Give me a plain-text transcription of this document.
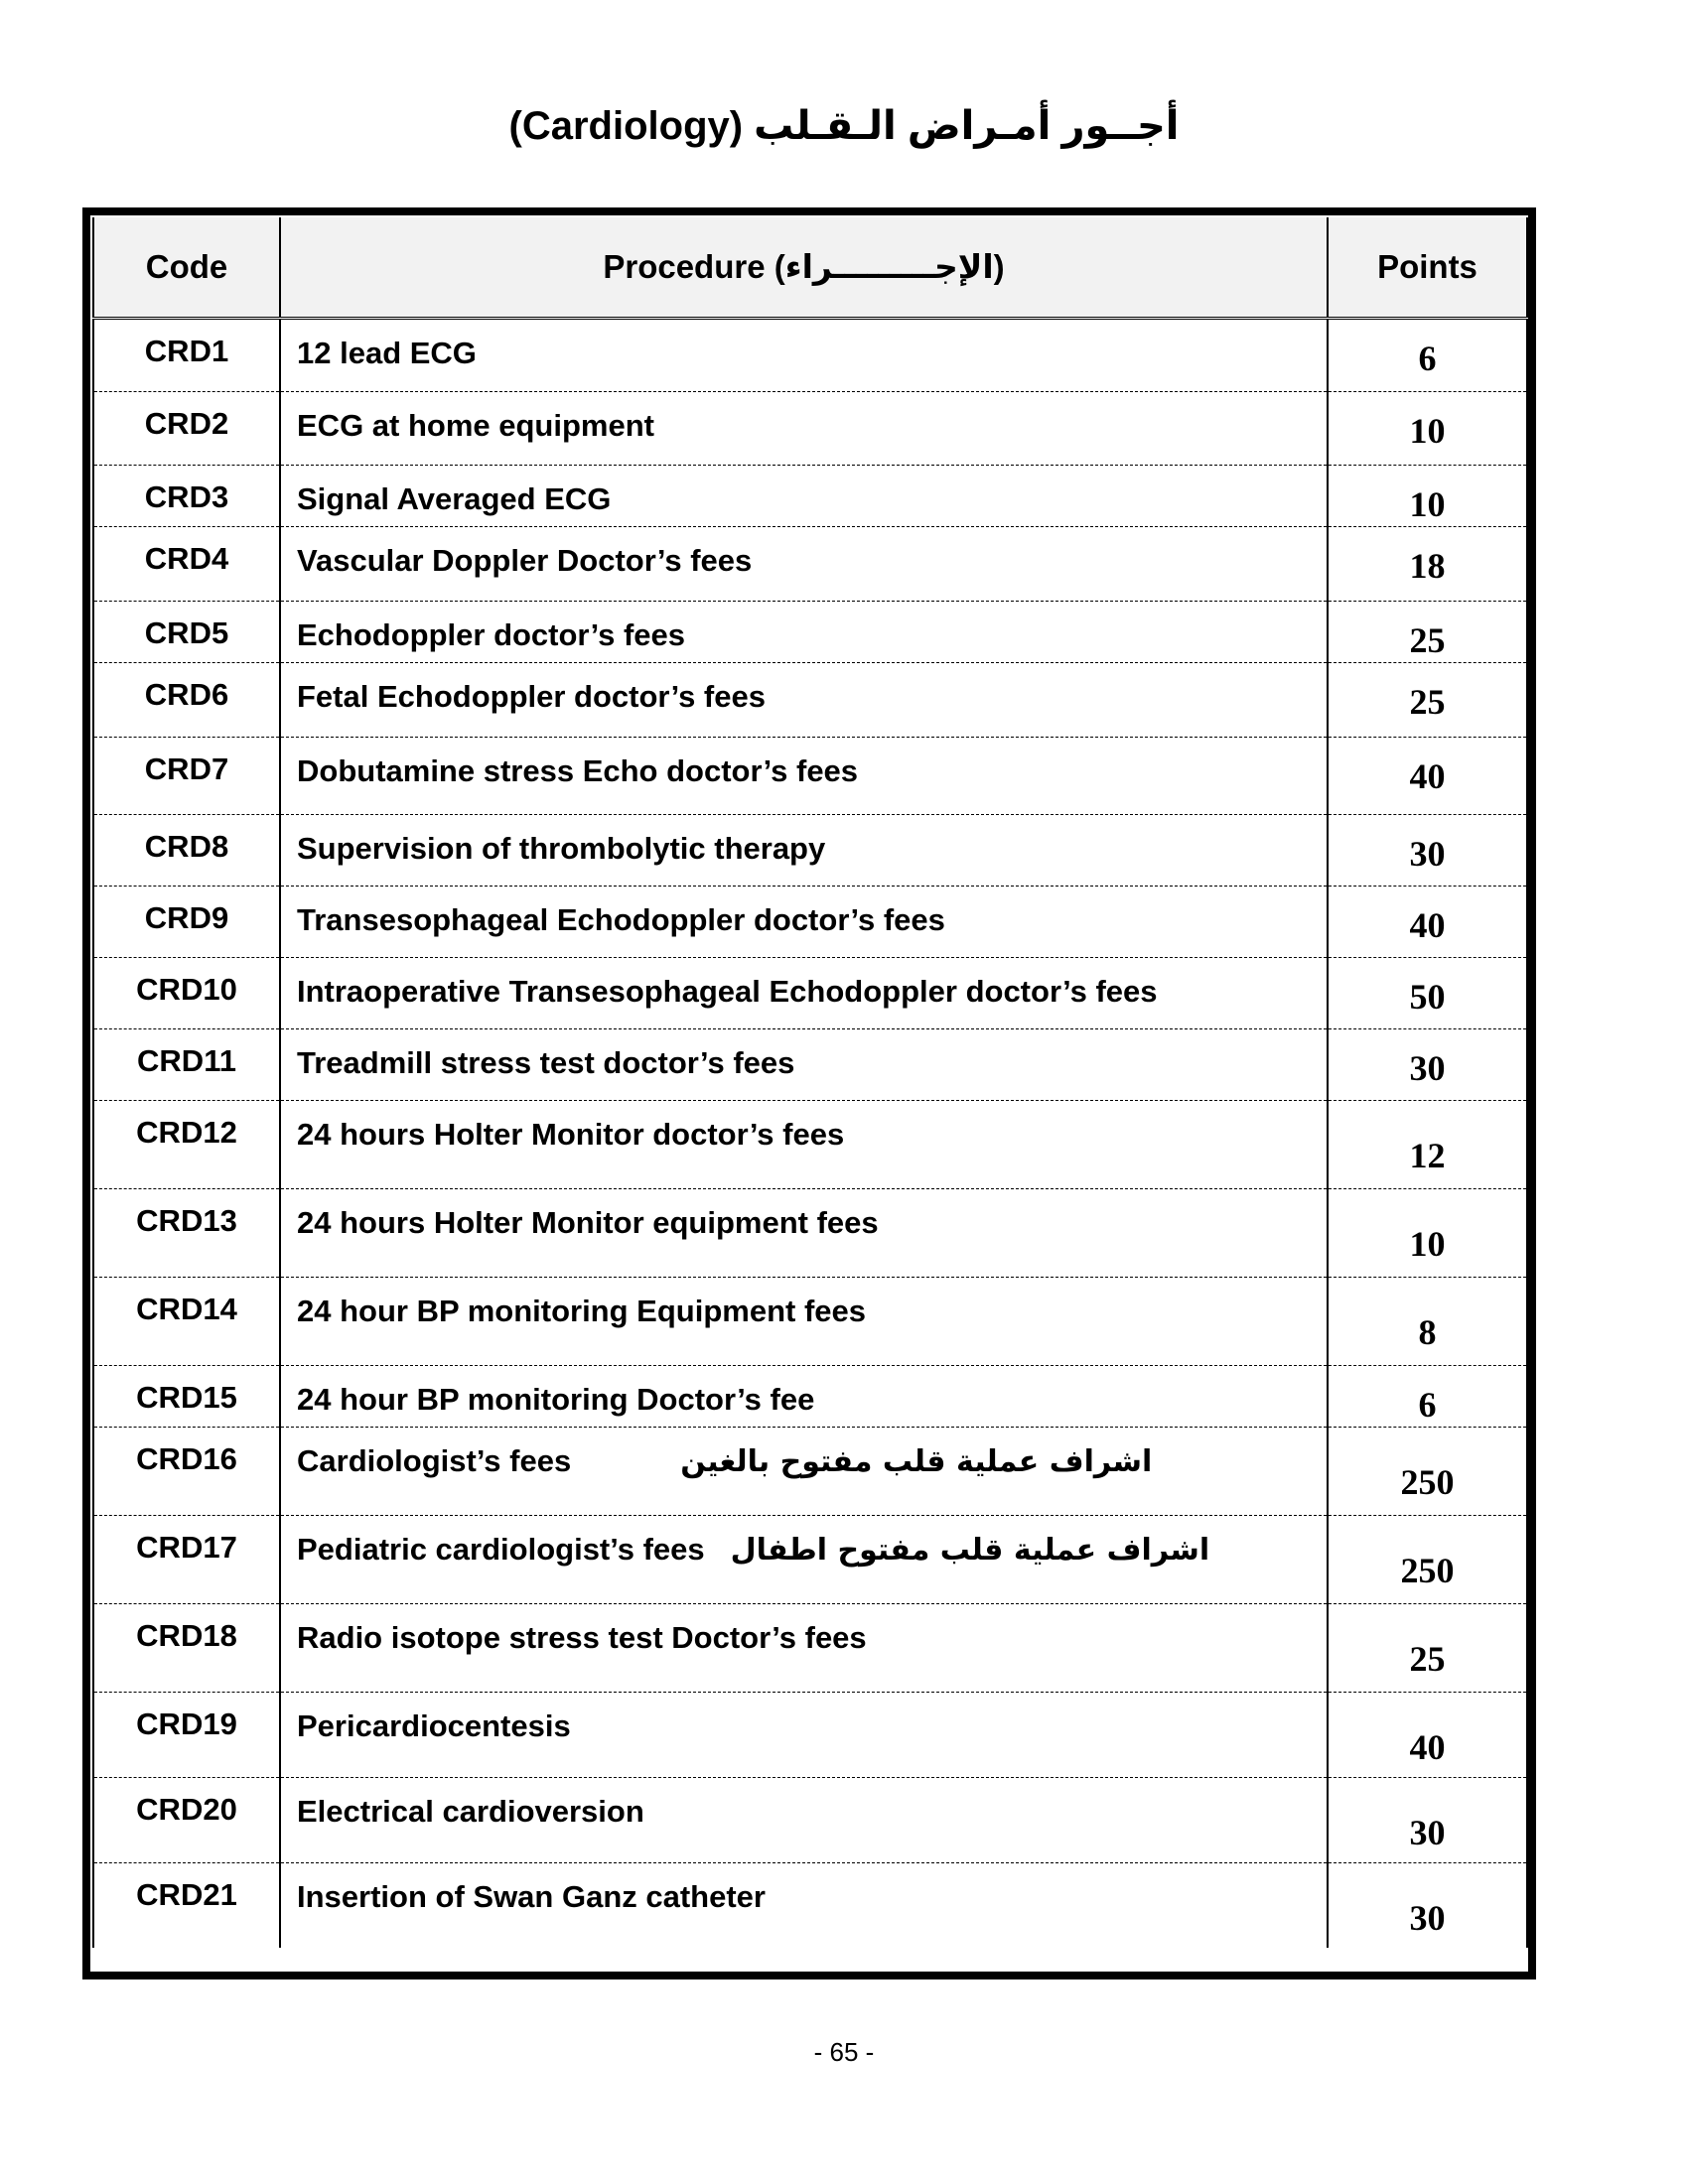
أجــور أمـراض الـقـلب (Cardiology)
Code	Procedure (الإجـــــــــراء)	Points
CRD1	12 lead ECG	6
CRD2	ECG at home equipment	10
CRD3	Signal Averaged ECG	10
CRD4	Vascular Doppler Doctor’s fees	18
CRD5	Echodoppler doctor’s fees	25
CRD6	Fetal Echodoppler doctor’s fees	25
CRD7	Dobutamine stress Echo doctor’s fees	40
CRD8	Supervision of thrombolytic therapy	30
CRD9	Transesophageal Echodoppler doctor’s fees	40
CRD10	Intraoperative Transesophageal Echodoppler doctor’s fees	50
CRD11	Treadmill stress test doctor’s fees	30
CRD12	24 hours Holter Monitor doctor’s fees	12
CRD13	24 hours Holter Monitor equipment fees	10
CRD14	24 hour BP monitoring Equipment fees	8
CRD15	24 hour BP monitoring Doctor’s fee	6
CRD16	Cardiologist’s fees اشراف عملية قلب مفتوح بالغين	250
CRD17	Pediatric cardiologist’s fees اشراف عملية قلب مفتوح اطفال	250
CRD18	Radio isotope stress test Doctor’s fees	25
CRD19	Pericardiocentesis	40
CRD20	Electrical cardioversion	30
CRD21	Insertion of Swan Ganz catheter	30
- 65 -
